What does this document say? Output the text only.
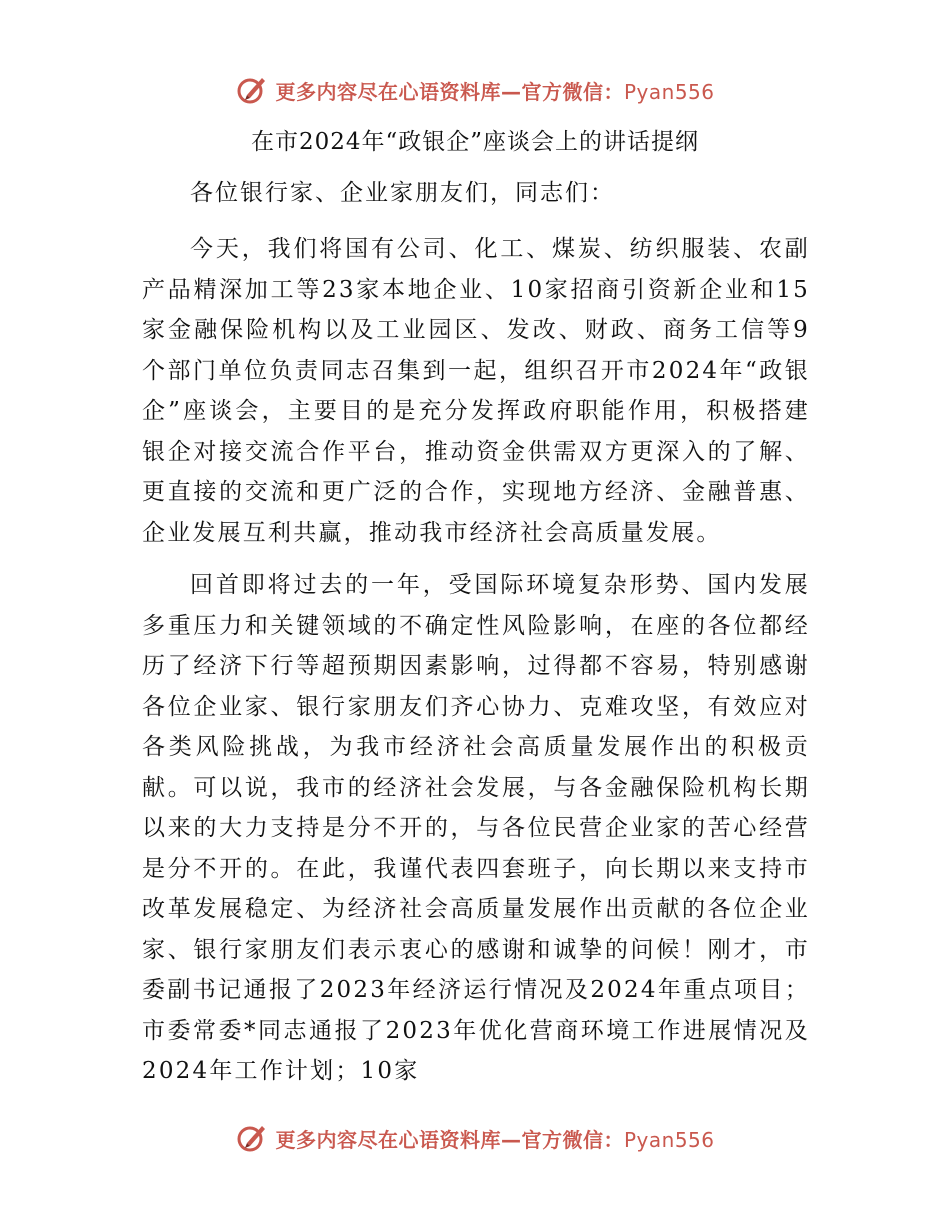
更多内容尽在心语资料库—官方微信：Pyan556
在市2024年“政银企”座谈会上的讲话提纲

各位银行家、企业家朋友们，同志们：

今天，我们将国有公司、化工、煤炭、纺织服装、农副产品精深加工等23家本地企业、10家招商引资新企业和15家金融保险机构以及工业园区、发改、财政、商务工信等9个部门单位负责同志召集到一起，组织召开市2024年“政银企”座谈会，主要目的是充分发挥政府职能作用，积极搭建银企对接交流合作平台，推动资金供需双方更深入的了解、更直接的交流和更广泛的合作，实现地方经济、金融普惠、企业发展互利共赢，推动我市经济社会高质量发展。

回首即将过去的一年，受国际环境复杂形势、国内发展多重压力和关键领域的不确定性风险影响，在座的各位都经历了经济下行等超预期因素影响，过得都不容易，特别感谢各位企业家、银行家朋友们齐心协力、克难攻坚，有效应对各类风险挑战，为我市经济社会高质量发展作出的积极贡献。可以说，我市的经济社会发展，与各金融保险机构长期以来的大力支持是分不开的，与各位民营企业家的苦心经营是分不开的。在此，我谨代表四套班子，向长期以来支持市改革发展稳定、为经济社会高质量发展作出贡献的各位企业家、银行家朋友们表示衷心的感谢和诚挚的问候！刚才，市委副书记通报了2023年经济运行情况及2024年重点项目；市委常委*同志通报了2023年优化营商环境工作进展情况及2024年工作计划；10家

更多内容尽在心语资料库—官方微信：Pyan556
